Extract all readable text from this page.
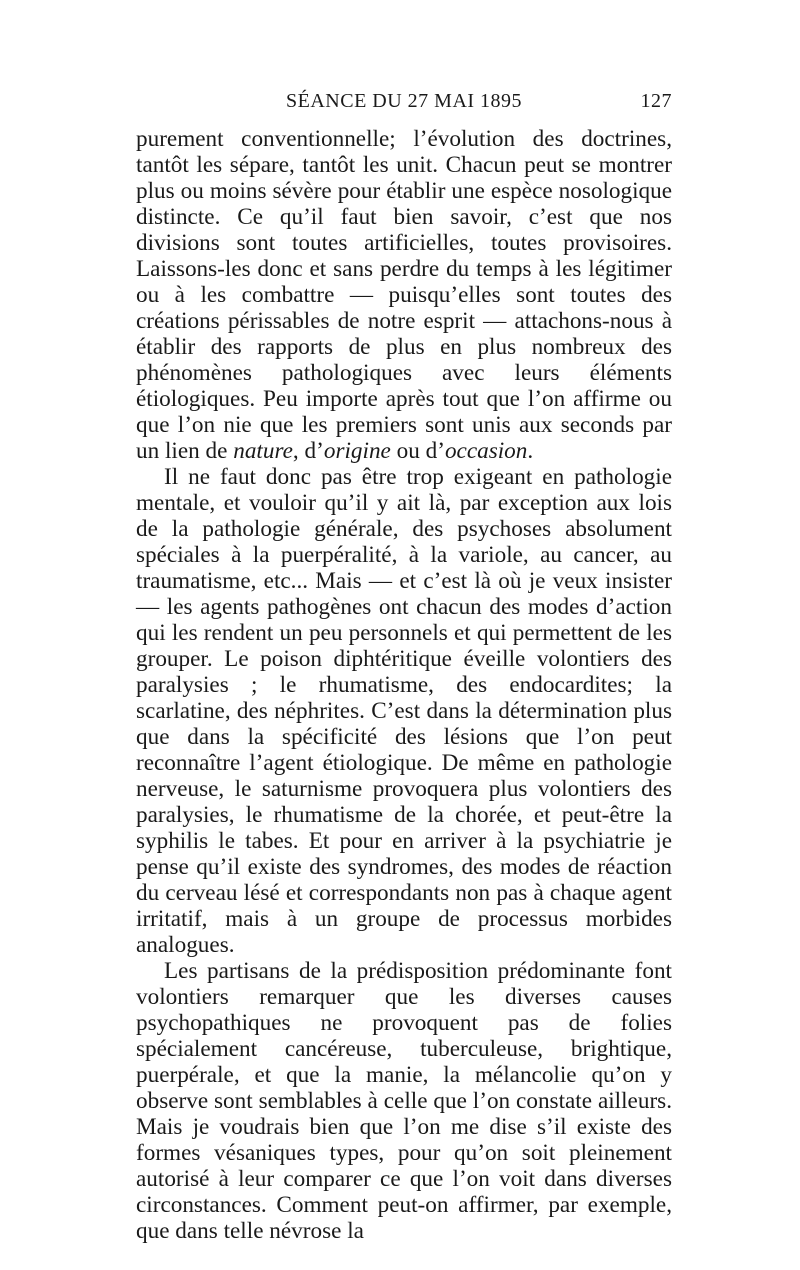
SÉANCE DU 27 MAI 1895	127

purement conventionnelle; l’évolution des doctrines, tantôt les sépare, tantôt les unit. Chacun peut se montrer plus ou moins sévère pour établir une espèce nosologique distincte. Ce qu’il faut bien savoir, c’est que nos divisions sont toutes artificielles, toutes provisoires. Laissons-les donc et sans perdre du temps à les légitimer ou à les combattre — puisqu’elles sont toutes des créations périssables de notre esprit — attachons-nous à établir des rapports de plus en plus nombreux des phénomènes pathologiques avec leurs éléments étiologiques. Peu importe après tout que l’on affirme ou que l’on nie que les premiers sont unis aux seconds par un lien de nature, d’origine ou d’occasion.

Il ne faut donc pas être trop exigeant en pathologie mentale, et vouloir qu’il y ait là, par exception aux lois de la pathologie générale, des psychoses absolument spéciales à la puerpéralité, à la variole, au cancer, au traumatisme, etc... Mais — et c’est là où je veux insister — les agents pathogènes ont chacun des modes d’action qui les rendent un peu personnels et qui permettent de les grouper. Le poison diphtéritique éveille volontiers des paralysies ; le rhumatisme, des endocardites; la scarlatine, des néphrites. C’est dans la détermination plus que dans la spécificité des lésions que l’on peut reconnaître l’agent étiologique. De même en pathologie nerveuse, le saturnisme provoquera plus volontiers des paralysies, le rhumatisme de la chorée, et peut-être la syphilis le tabes. Et pour en arriver à la psychiatrie je pense qu’il existe des syndromes, des modes de réaction du cerveau lésé et correspondants non pas à chaque agent irritatif, mais à un groupe de processus morbides analogues.

Les partisans de la prédisposition prédominante font volontiers remarquer que les diverses causes psychopathiques ne provoquent pas de folies spécialement cancéreuse, tuberculeuse, brightique, puerpérale, et que la manie, la mélancolie qu’on y observe sont semblables à celle que l’on constate ailleurs. Mais je voudrais bien que l’on me dise s’il existe des formes vésaniques types, pour qu’on soit pleinement autorisé à leur comparer ce que l’on voit dans diverses circonstances. Comment peut-on affirmer, par exemple, que dans telle névrose la
